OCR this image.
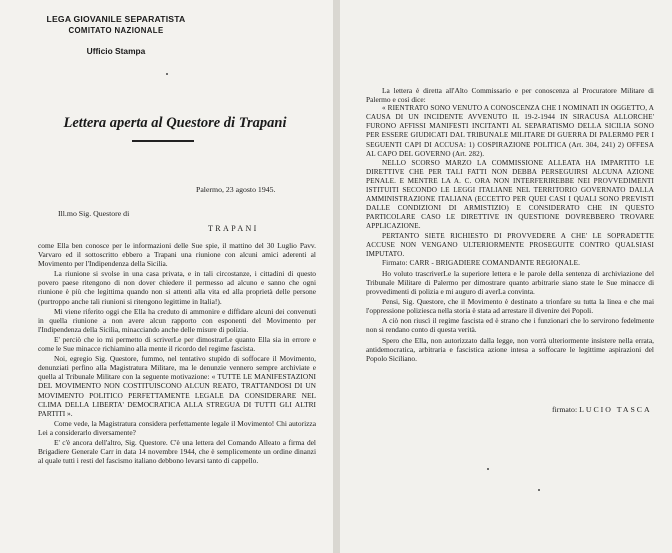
LEGA GIOVANILE SEPARATISTA
COMITATO NAZIONALE
Ufficio Stampa
Lettera aperta al Questore di Trapani
Palermo, 23 agosto 1945.
Ill.mo Sig. Questore di
TRAPANI

come Ella ben conosce per le informazioni delle Sue spie, il mattino del 30 Luglio Pavv. Varvaro ed il sottoscritto ebbero a Trapani una riunione con alcuni amici aderenti al Movimento per l'Indipendenza della Sicilia.

La riunione si svolse in una casa privata, e in tali circostanze, i cittadini di questo povero paese ritengono di non dover chiedere il permesso ad alcuno e sanno che ogni riunione è più che legittima quando non si attenti alla vita ed alla proprietà delle persone (purtroppo anche tali riunioni si ritengono legittime in Italia!).

Mi viene riferito oggi che Ella ha creduto di ammonire e diffidare alcuni dei convenuti in quella riunione a non avere alcun rapporto con esponenti del Movimento per l'Indipendenza della Sicilia, minacciando anche delle misure di polizia.

E' perciò che io mi permetto di scriverLe per dimostrarLe quanto Ella sia in errore e come le Sue minacce richiamino alla mente il ricordo del regime fascista.

Noi, egregio Sig. Questore, fummo, nel tentativo stupido di soffocare il Movimento, denunziati perfino alla Magistratura Militare, ma le denunzie vennero sempre archiviate e quella al Tribunale Militare con la seguente motivazione: « TUTTE LE MANIFESTAZIONI DEL MOVIMENTO NON COSTITUISCONO ALCUN REATO, TRATTANDOSI DI UN MOVIMENTO POLITICO PERFETTAMENTE LEGALE DA CONSIDERARE NEL CLIMA DELLA LIBERTA' DEMOCRATICA ALLA STREGUA DI TUTTI GLI ALTRI PARTITI ».

Come vede, la Magistratura considera perfettamente legale il Movimento! Chi autorizza Lei a considerarlo diversamente?

E' c'è ancora dell'altro, Sig. Questore. C'è una lettera del Comando Alleato a firma del Brigadiere Generale Carr in data 14 novembre 1944, che è semplicemente un ordine dinanzi al quale tutti i resti del fascismo italiano debbono levarsi tanto di cappello.

La lettera è diretta all'Alto Commissario e per conoscenza al Procuratore Militare di Palermo e così dice:

« RIENTRATO SONO VENUTO A CONOSCENZA CHE I NOMINATI IN OGGETTO, A CAUSA DI UN INCIDENTE AVVENUTO IL 19-2-1944 IN SIRACUSA ALLORCHE' FURONO AFFISSI MANIFESTI INCITANTI AL SEPARATISMO DELLA SICILIA SONO PER ESSERE GIUDICATI DAL TRIBUNALE MILITARE DI GUERRA DI PALERMO PER I SEGUENTI CAPI DI ACCUSA: 1) COSPIRAZIONE POLITICA (Art. 304, 241) 2) OFFESA AL CAPO DEL GOVERNO (Art. 282).

NELLO SCORSO MARZO LA COMMISSIONE ALLEATA HA IMPARTITO LE DIRETTIVE CHE PER TALI FATTI NON DEBBA PERSEGUIRSI ALCUNA AZIONE PENALE. E MENTRE LA A. C. ORA NON INTERFERIREBBE NEI PROVVEDIMENTI ISTITUITI SECONDO LE LEGGI ITALIANE NEL TERRITORIO GOVERNATO DALLA AMMINISTRAZIONE ITALIANA (ECCETTO PER QUEI CASI I QUALI SONO PREVISTI DALLE CONDIZIONI DI ARMISTIZIO) E CONSIDERATO CHE IN QUESTO PARTICOLARE CASO LE DIRETTIVE IN QUESTIONE DOVREBBERO TROVARE APPLICAZIONE.

PERTANTO SIETE RICHIESTO DI PROVVEDERE A CHE' LE SOPRADETTE ACCUSE NON VENGANO ULTERIORMENTE PROSEGUITE CONTRO QUALSIASI IMPUTATO.

Firmato: CARR - BRIGADIERE COMANDANTE REGIONALE.

Ho voluto trascriverLe la superiore lettera e le parole della sentenza di archiviazione del Tribunale Militare di Palermo per dimostrare quanto arbitrarie siano state le Sue minacce di provvedimenti di polizia e mi auguro di averLa convinta.

Pensi, Sig. Questore, che il Movimento è destinato a trionfare su tutta la linea e che mai l'oppressione poliziesca nella storia è stata ad arrestare il divenire dei Popoli.

A ciò non riuscì il regime fascista ed è strano che i funzionari che lo servirono fedelmente non si rendano conto di questa verità.

Spero che Ella, non autorizzato dalla legge, non vorrà ulteriormente insistere nella errata, antidemocratica, arbitraria e fascistica azione intesa a soffocare le legittime aspirazioni del Popolo Siciliano.

firmato: LUCIO TASCA
